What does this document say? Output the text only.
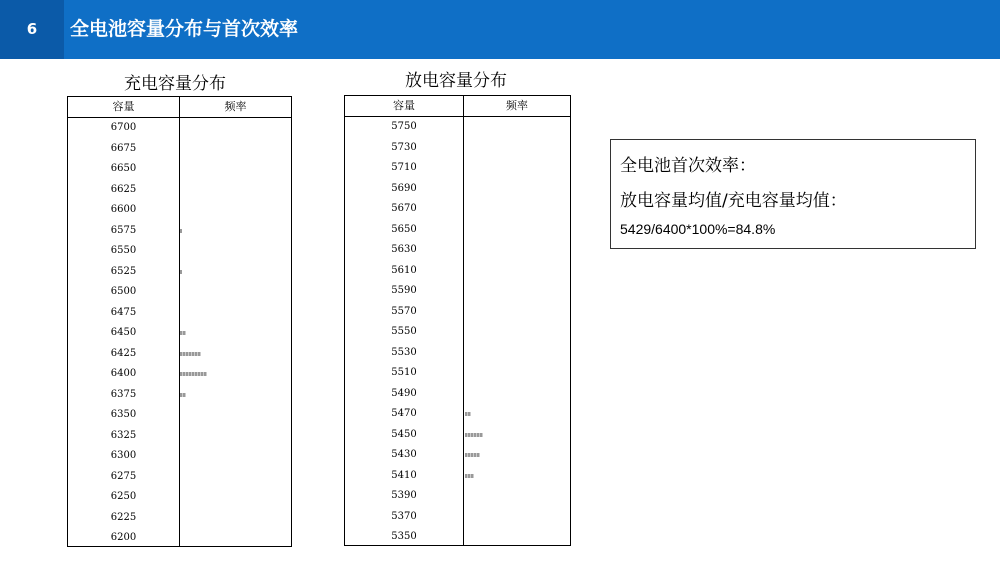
6	全电池容量分布与首次效率
充电容量分布
容量	频率
6700
6675
6650
6625
6600
6575
6550
6525
6500
6475
6450
6425
6400
6375
6350
6325
6300
6275
6250
6225
6200
放电容量分布
容量	频率
5750
5730
5710
5690
5670
5650
5630
5610
5590
5570
5550
5530
5510
5490
5470
5450
5430
5410
5390
5370
5350
全电池首次效率：
放电容量均值/充电容量均值：
5429/6400*100%=84.8%
